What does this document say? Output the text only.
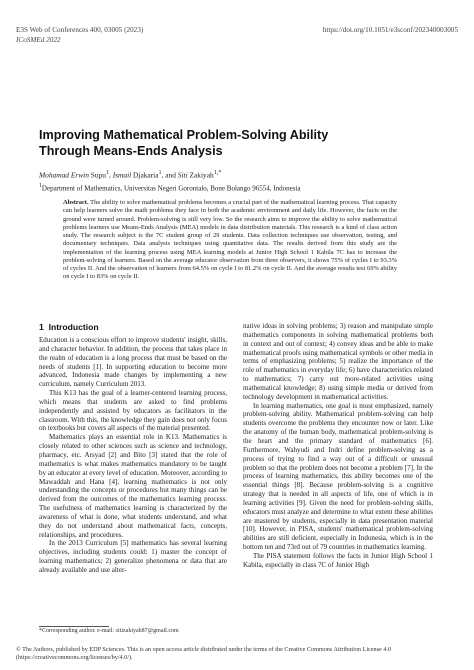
E3S Web of Conferences 400, 03005 (2023)	https://doi.org/10.1051/e3sconf/202340003005
ICoSMEd 2022
Improving Mathematical Problem-Solving Ability
Through Means-Ends Analysis
Mohamad Erwin Supu$^1$, Ismail Djakaria$^1$, and Siti Zakiyah$^{1,*}$
$^1$Department of Mathematics, Universitas Negeri Gorontalo, Bone Bolango 96554, Indonesia
Abstract. The ability to solve mathematical problems becomes a crucial part of the mathematical learning process. That capacity can help learners solve the math problems they face in both the academic environment and daily life. However, the facts on the ground were turned around. Problem-solving is still very low. So the research aims to improve the ability to solve mathematical problems learners use Means-Ends Analysis (MEA) models in data distribution materials. This research is a kind of class action study. The research subject is the 7C student group of 29 students. Data collection techniques use observation, testing, and documentary techniques. Data analysis techniques using quantitative data. The results derived from this study are the implementation of the learning process using MEA learning models at Junior High School 1 Kabila 7C has to increase the problem-solving of learners. Based on the average educator observation from three observers, it shows 75% of cycles I to 93.3% of cycles II. And the observation of learners from 64.5% on cycle I to 81.2% on cycle II. And the average results test 69% ability on cycle I to 83% on cycle II.
1 Introduction

Education is a conscious effort to improve students' insight, skills, and character behavior. In addition, the process that takes place in the realm of education is a long process that must be based on the needs of students [1]. In supporting education to become more advanced, Indonesia made changes by implementing a new curriculum, namely Curriculum 2013.

This K13 has the goal of a learner-centered learning process, which means that students are asked to find problems independently and assisted by educators as facilitators in the classroom. With this, the knowledge they gain does not only focus on textbooks but covers all aspects of the material presented.

Mathematics plays an essential role in K13. Mathematics is closely related to other sciences such as science and technology, pharmacy, etc. Arsyad [2] and Bito [3] stated that the role of mathematics is what makes mathematics mandatory to be taught by an educator at every level of education. Moreover, according to Mawaddah and Hana [4], learning mathematics is not only understanding the concepts or procedures but many things can be derived from the outcomes of the mathematics learning process. The usefulness of mathematics learning is characterized by the awareness of what is done, what students understand, and what they do not understand about mathematical facts, concepts, relationships, and procedures.

In the 2013 Curriculum [5] mathematics has several learning objectives, including students could: 1) master the concept of learning mathematics; 2) generalize phenomena or data that are already available and use alter-

native ideas in solving problems; 3) reason and manipulate simple mathematics components in solving mathematical problems both in context and out of context; 4) convey ideas and be able to make mathematical proofs using mathematical symbols or other media in terms of emphasizing problems; 5) realize the importance of the role of mathematics in everyday life; 6) have characteristics related to mathematics; 7) carry out more-related activities using mathematical knowledge; 8) using simple media or derived from technology development in mathematical activities.

In learning mathematics, one goal is most emphasized, namely problem-solving ability. Mathematical problem-solving can help students overcome the problems they encounter now or later. Like the anatomy of the human body, mathematical problem-solving is the heart and the primary standard of mathematics [6]. Furthermore, Wahyudi and Indri define problem-solving as a process of trying to find a way out of a difficult or unusual problem so that the problem does not become a problem [7]. In the process of learning mathematics, this ability becomes one of the essential things [8]. Because problem-solving is a cognitive strategy that is needed in all aspects of life, one of which is in learning activities [9]. Given the need for problem-solving skills, educators must analyze and determine to what extent these abilities are mastered by students, especially in data presentation material [10]. However, in PISA, students' mathematical problem-solving abilities are still deficient, especially in Indonesia, which is in the bottom ten and 73rd out of 79 countries in mathematics learning.

The PISA statement follows the facts in Junior High School 1 Kabila, especially in class 7C of Junior High

*Corresponding author. e-mail: sitizakiyah87@gmail.com
© The Authors, published by EDP Sciences. This is an open access article distributed under the terms of the Creative Commons Attribution License 4.0 (https://creativecommons.org/licenses/by/4.0/).
